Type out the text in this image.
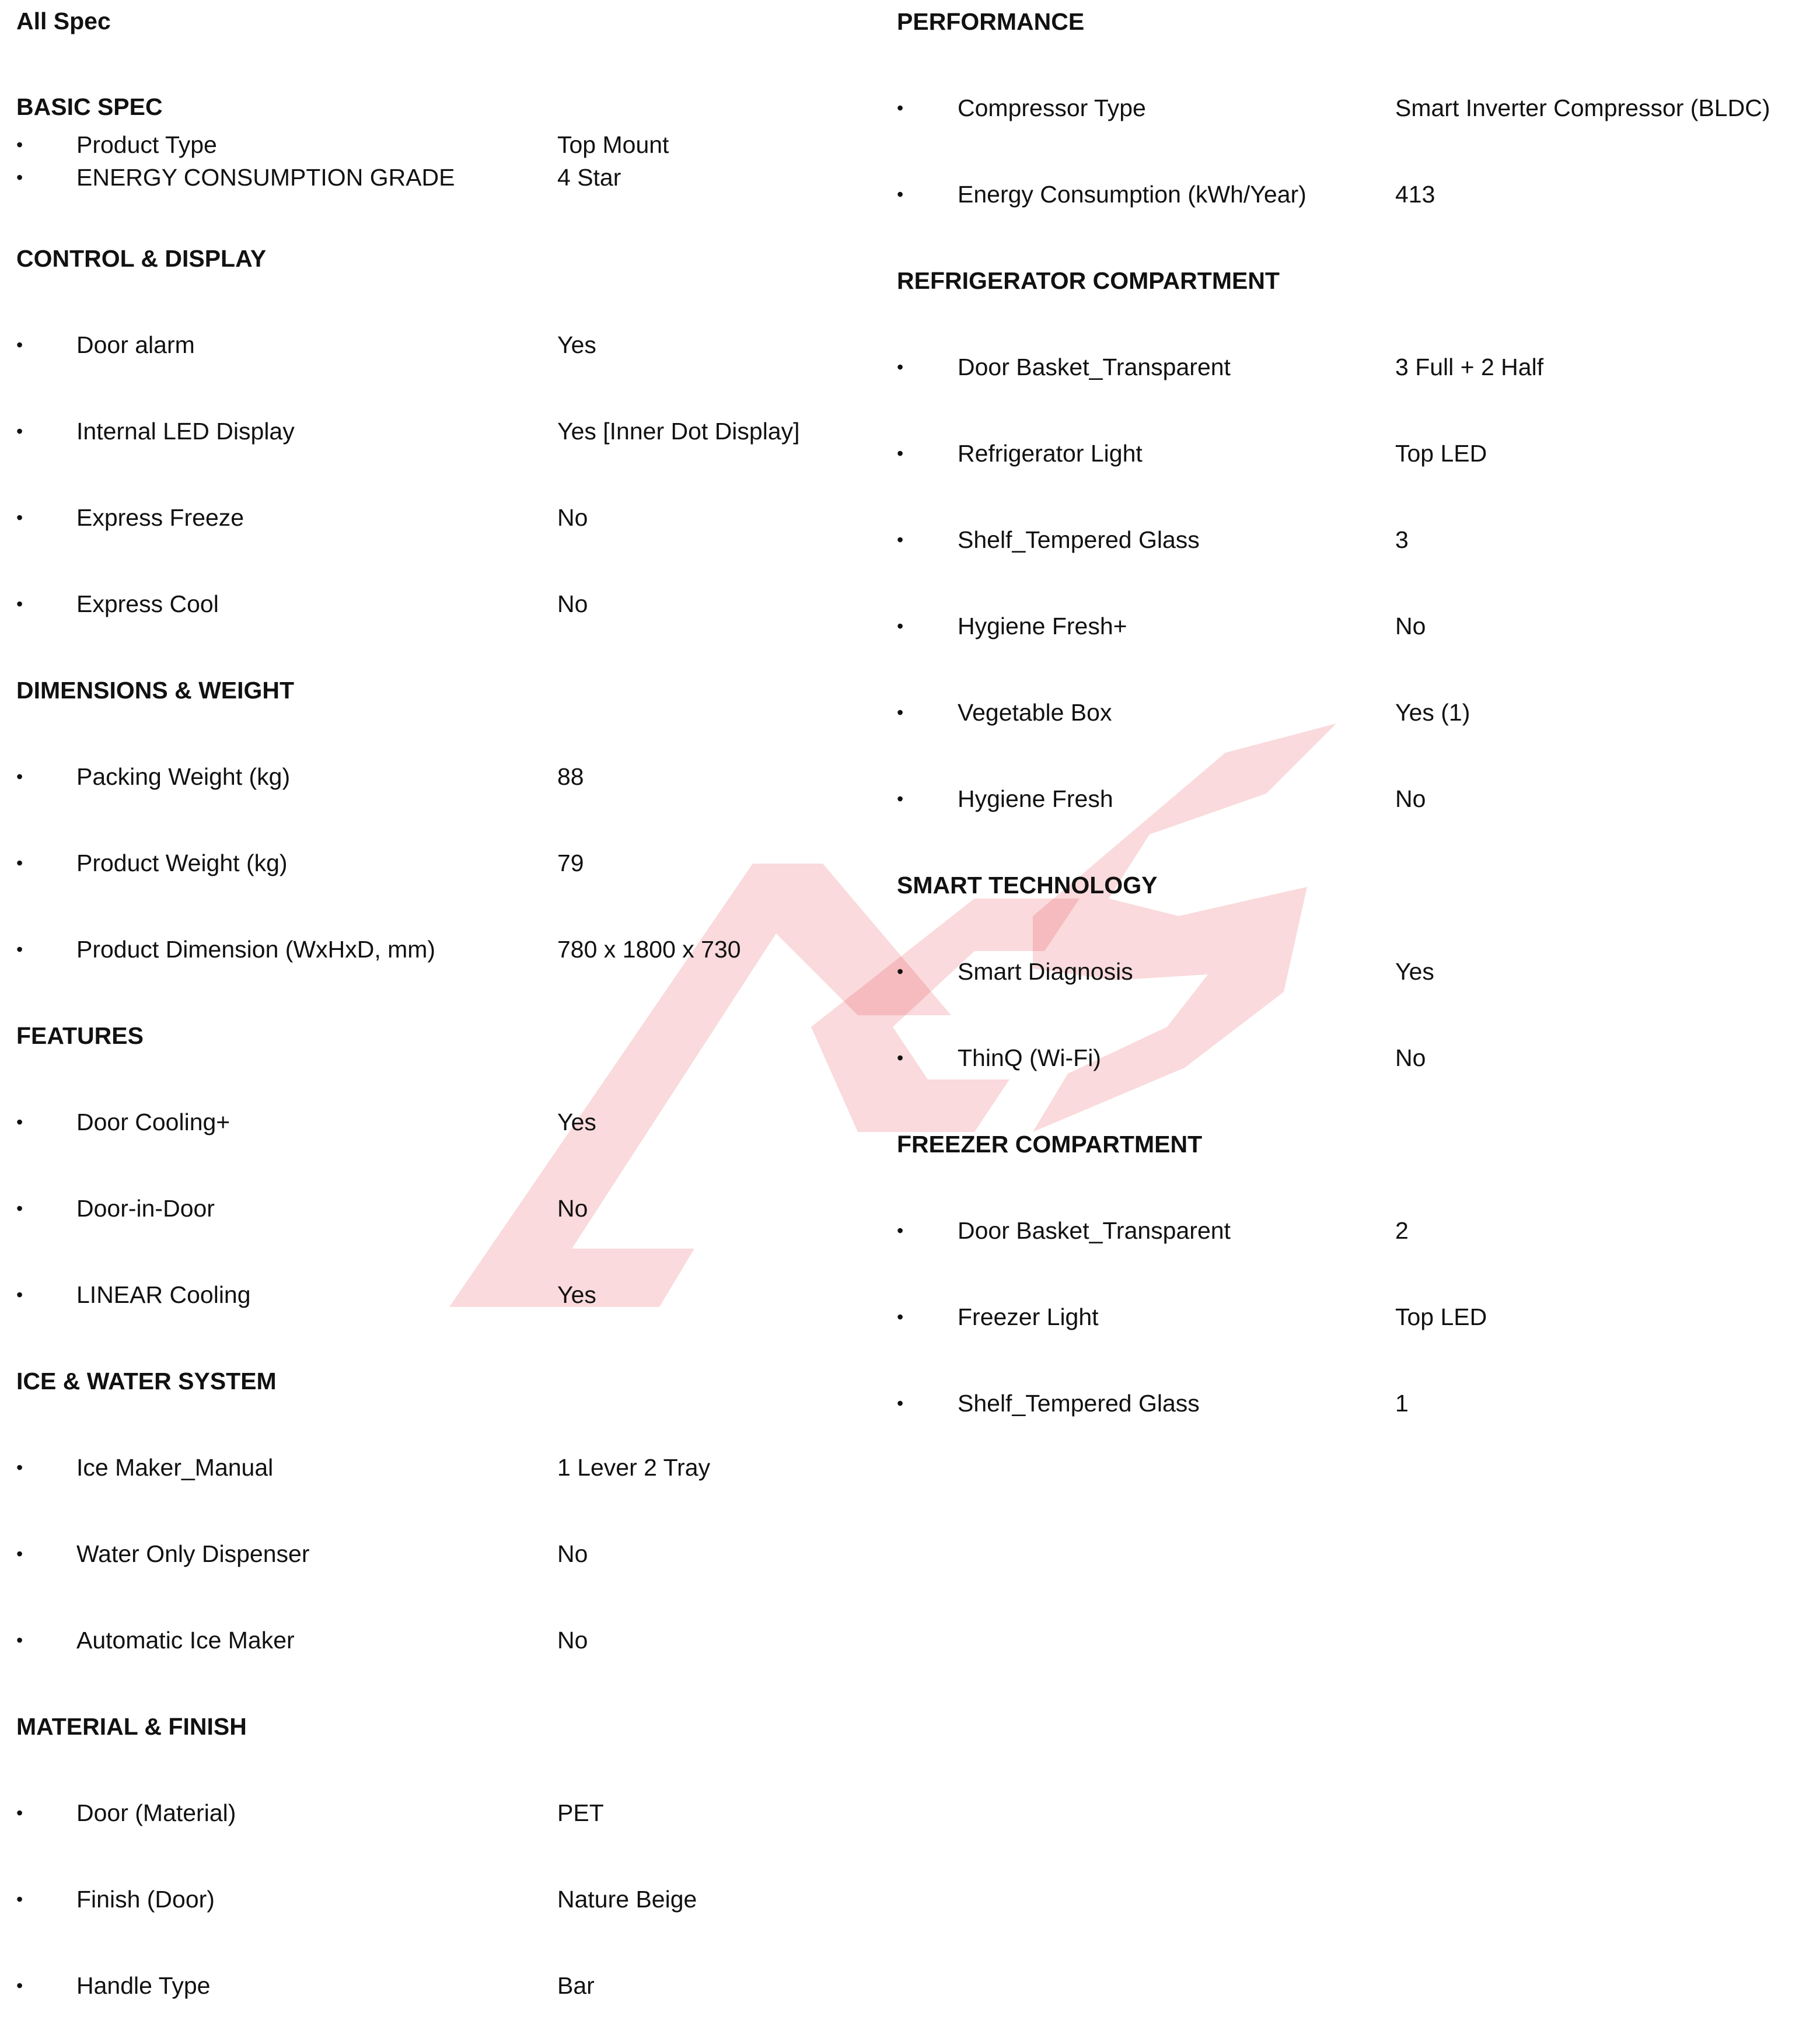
All Spec
BASIC SPEC
• Product Type	Top Mount
• ENERGY CONSUMPTION GRADE	4 Star
CONTROL & DISPLAY
• Door alarm	Yes
• Internal LED Display	Yes [Inner Dot Display]
• Express Freeze	No
• Express Cool	No
DIMENSIONS & WEIGHT
• Packing Weight (kg)	88
• Product Weight (kg)	79
• Product Dimension (WxHxD, mm)	780 x 1800 x 730
FEATURES
• Door Cooling+	Yes
• Door-in-Door	No
• LINEAR Cooling	Yes
ICE & WATER SYSTEM
• Ice Maker_Manual	1 Lever 2 Tray
• Water Only Dispenser	No
• Automatic Ice Maker	No
MATERIAL & FINISH
• Door (Material)	PET
• Finish (Door)	Nature Beige
• Handle Type	Bar
PERFORMANCE
• Compressor Type	Smart Inverter Compressor (BLDC)
• Energy Consumption (kWh/Year)	413
REFRIGERATOR COMPARTMENT
• Door Basket_Transparent	3 Full + 2 Half
• Refrigerator Light	Top LED
• Shelf_Tempered Glass	3
• Hygiene Fresh+	No
• Vegetable Box	Yes (1)
• Hygiene Fresh	No
SMART TECHNOLOGY
• Smart Diagnosis	Yes
• ThinQ (Wi-Fi)	No
FREEZER COMPARTMENT
• Door Basket_Transparent	2
• Freezer Light	Top LED
• Shelf_Tempered Glass	1
